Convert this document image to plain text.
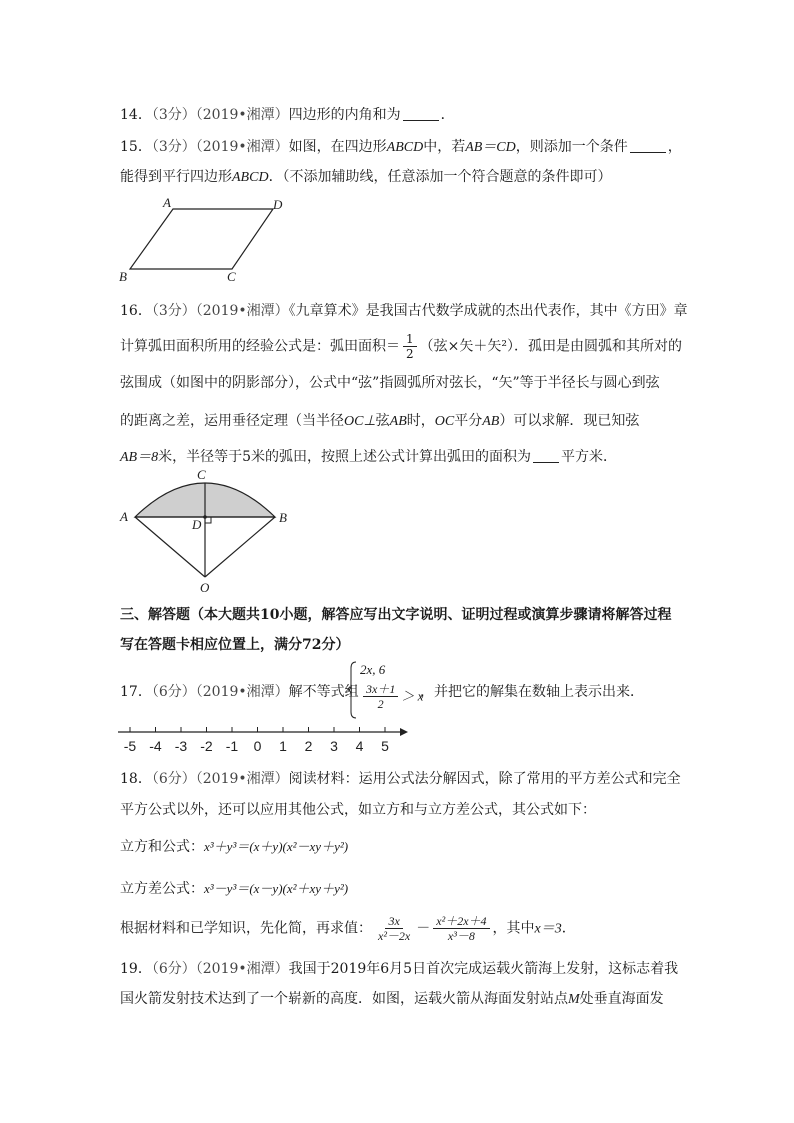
14．（3分）（2019•湘潭）四边形的内角和为	．
15．（3分）（2019•湘潭）如图，在四边形ABCD中，若AB＝CD，则添加一个条件	，
能得到平行四边形ABCD．（不添加辅助线，任意添加一个符合题意的条件即可）
A	D
B	C
16．（3分）（2019•湘潭）《九章算术》是我国古代数学成就的杰出代表作，其中《方田》章
计算弧田面积所用的经验公式是：弧田面积＝ $\frac{1}{2}$ （弦×矢＋矢²）．孤田是由圆弧和其所对的
弦围成（如图中的阴影部分），公式中“弦”指圆弧所对弦长，“矢”等于半径长与圆心到弦
的距离之差，运用垂径定理（当半径OC⊥弦AB时，OC平分AB）可以求解．现已知弦
AB＝8米，半径等于5米的弧田，按照上述公式计算出弧田的面积为 平方米．
C
A	B
D
O
三、解答题（本大题共10小题，解答应写出文字说明、证明过程或演算步骤请将解答过程
写在答题卡相应位置上，满分72分）
17．（6分）（2019•湘潭）解不等式组
2x, 6
$\frac{3x+1}{2} > x$
，并把它的解集在数轴上表示出来．
-5 -4 -3 -2 -1 0 1 2 3 4 5
18．（6分）（2019•湘潭）阅读材料：运用公式法分解因式，除了常用的平方差公式和完全
平方公式以外，还可以应用其他公式，如立方和与立方差公式，其公式如下：
立方和公式：x³＋y³＝(x＋y)(x²－xy＋y²)
立方差公式：x³－y³＝(x－y)(x²＋xy＋y²)
根据材料和已学知识，先化简，再求值： $\frac{3x}{\text{x²－2x}} - \frac{\text{x²＋2x＋4}}{\text{x³－8}}$ ，其中x＝3．
19．（6分）（2019•湘潭）我国于2019年6月5日首次完成运载火箭海上发射，这标志着我
国火箭发射技术达到了一个崭新的高度．如图，运载火箭从海面发射站点M处垂直海面发
